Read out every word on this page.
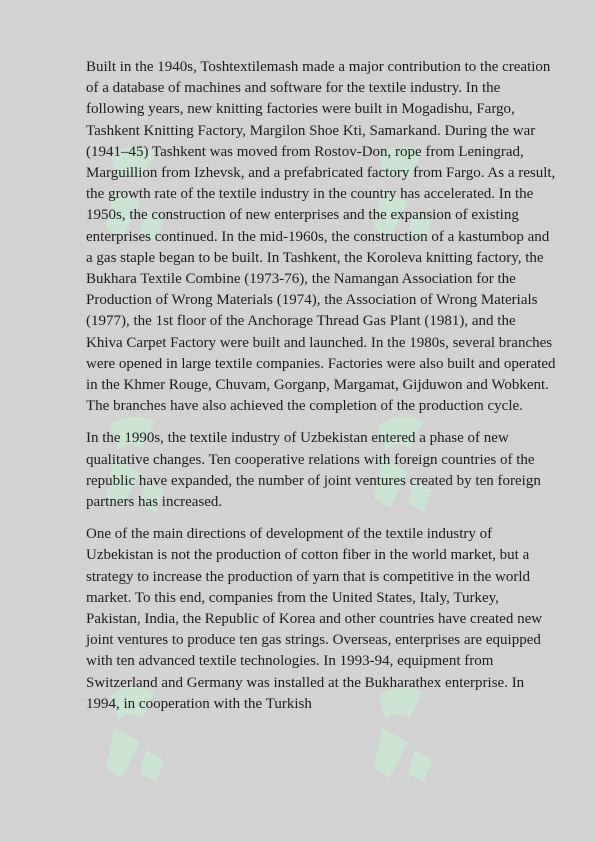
Built in the 1940s, Toshtextilemash made a major contribution to the creation of a database of machines and software for the textile industry. In the following years, new knitting factories were built in Mogadishu, Fargo, Tashkent Knitting Factory, Margilon Shoe Kti, Samarkand. During the war (1941–45) Tashkent was moved from Rostov-Don, rope from Leningrad, Marguillion from Izhevsk, and a prefabricated factory from Fargo. As a result, the growth rate of the textile industry in the country has accelerated. In the 1950s, the construction of new enterprises and the expansion of existing enterprises continued. In the mid-1960s, the construction of a kastumbop and a gas staple began to be built. In Tashkent, the Koroleva knitting factory, the Bukhara Textile Combine (1973-76), the Namangan Association for the Production of Wrong Materials (1974), the Association of Wrong Materials (1977), the 1st floor of the Anchorage Thread Gas Plant (1981), and the Khiva Carpet Factory were built and launched. In the 1980s, several branches were opened in large textile companies. Factories were also built and operated in the Khmer Rouge, Chuvam, Gorganp, Margamat, Gijduwon and Wobkent. The branches have also achieved the completion of the production cycle.

In the 1990s, the textile industry of Uzbekistan entered a phase of new qualitative changes. Ten cooperative relations with foreign countries of the republic have expanded, the number of joint ventures created by ten foreign partners has increased.

One of the main directions of development of the textile industry of Uzbekistan is not the production of cotton fiber in the world market, but a strategy to increase the production of yarn that is competitive in the world market. To this end, companies from the United States, Italy, Turkey, Pakistan, India, the Republic of Korea and other countries have created new joint ventures to produce ten gas strings. Overseas, enterprises are equipped with ten advanced textile technologies. In 1993-94, equipment from Switzerland and Germany was installed at the Bukharathex enterprise. In 1994, in cooperation with the Turkish
